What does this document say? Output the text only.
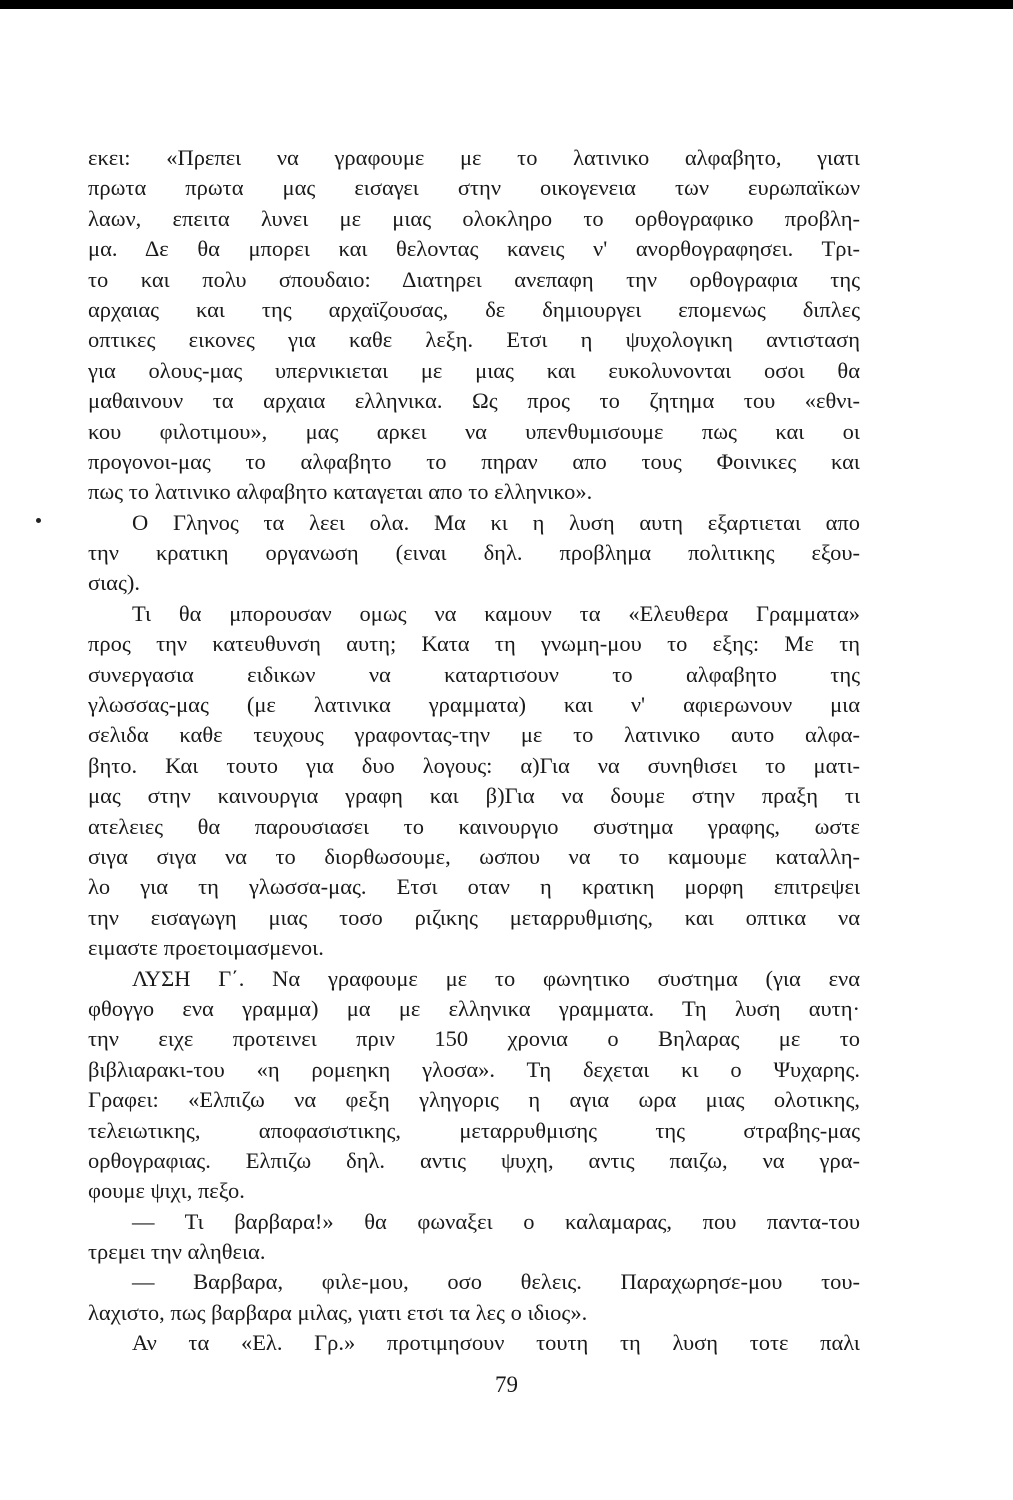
εκει: «Πρεπει να γραφουμε με το λατινικο αλφαβητο, γιατι
πρωτα πρωτα μας εισαγει στην οικογενεια των ευρωπαϊκων
λαων, επειτα λυνει με μιας ολοκληρο το ορθογραφικο προβλη-
μα. Δε θα μπορει και θελοντας κανεις ν' ανορθογραφησει. Τρι-
το και πολυ σπουδαιο: Διατηρει ανεπαφη την ορθογραφια της
αρχαιας και της αρχαϊζουσας, δε δημιουργει επομενως διπλες
οπτικες εικονες για καθε λεξη. Ετσι η ψυχολογικη αντισταση
για ολους-μας υπερνικιεται με μιας και ευκολυνονται οσοι θα
μαθαινουν τα αρχαια ελληνικα. Ως προς το ζητημα του «εθνι-
κου φιλοτιμου», μας αρκει να υπενθυμισουμε πως και οι
προγονοι-μας το αλφαβητο το πηραν απο τους Φοινικες και
πως το λατινικο αλφαβητο καταγεται απο το ελληνικο».
Ο Γληνος τα λεει ολα. Μα κι η λυση αυτη εξαρτιεται απο
την κρατικη οργανωση (ειναι δηλ. προβλημα πολιτικης εξου-
σιας).
Τι θα μπορουσαν ομως να καμουν τα «Ελευθερα Γραμματα»
προς την κατευθυνση αυτη; Κατα τη γνωμη-μου το εξης: Με τη
συνεργασια ειδικων να καταρτισουν το αλφαβητο της
γλωσσας-μας (με λατινικα γραμματα) και ν' αφιερωνουν μια
σελιδα καθε τευχους γραφοντας-την με το λατινικο αυτο αλφα-
βητο. Και τουτο για δυο λογους: α)Για να συνηθισει το ματι-
μας στην καινουργια γραφη και β)Για να δουμε στην πραξη τι
ατελειες θα παρουσιασει το καινουργιο συστημα γραφης, ωστε
σιγα σιγα να το διορθωσουμε, ωσπου να το καμουμε καταλλη-
λο για τη γλωσσα-μας. Ετσι οταν η κρατικη μορφη επιτρεψει
την εισαγωγη μιας τοσο ριζικης μεταρρυθμισης, και οπτικα να
ειμαστε προετοιμασμενοι.
ΛΥΣΗ Γ΄. Να γραφουμε με το φωνητικο συστημα (για ενα
φθογγο ενα γραμμα) μα με ελληνικα γραμματα. Τη λυση αυτη·
την ειχε προτεινει πριν 150 χρονια ο Βηλαρας με το
βιβλιαρακι-του «η ρομεηκη γλοσα». Τη δεχεται κι ο Ψυχαρης.
Γραφει: «Ελπιζω να φεξη γληγορις η αγια ωρα μιας ολοτικης,
τελειωτικης, αποφασιστικης, μεταρρυθμισης της στραβης-μας
ορθογραφιας. Ελπιζω δηλ. αντις ψυχη, αντις παιζω, να γρα-
φουμε ψιχι, πεξο.
— Τι βαρβαρα!» θα φωναξει ο καλαμαρας, που παντα-του
τρεμει την αληθεια.
— Βαρβαρα, φιλε-μου, οσο θελεις. Παραχωρησε-μου του-
λαχιστο, πως βαρβαρα μιλας, γιατι ετσι τα λες ο ιδιος».
Αν τα «Ελ. Γρ.» προτιμησουν τουτη τη λυση τοτε παλι
79
